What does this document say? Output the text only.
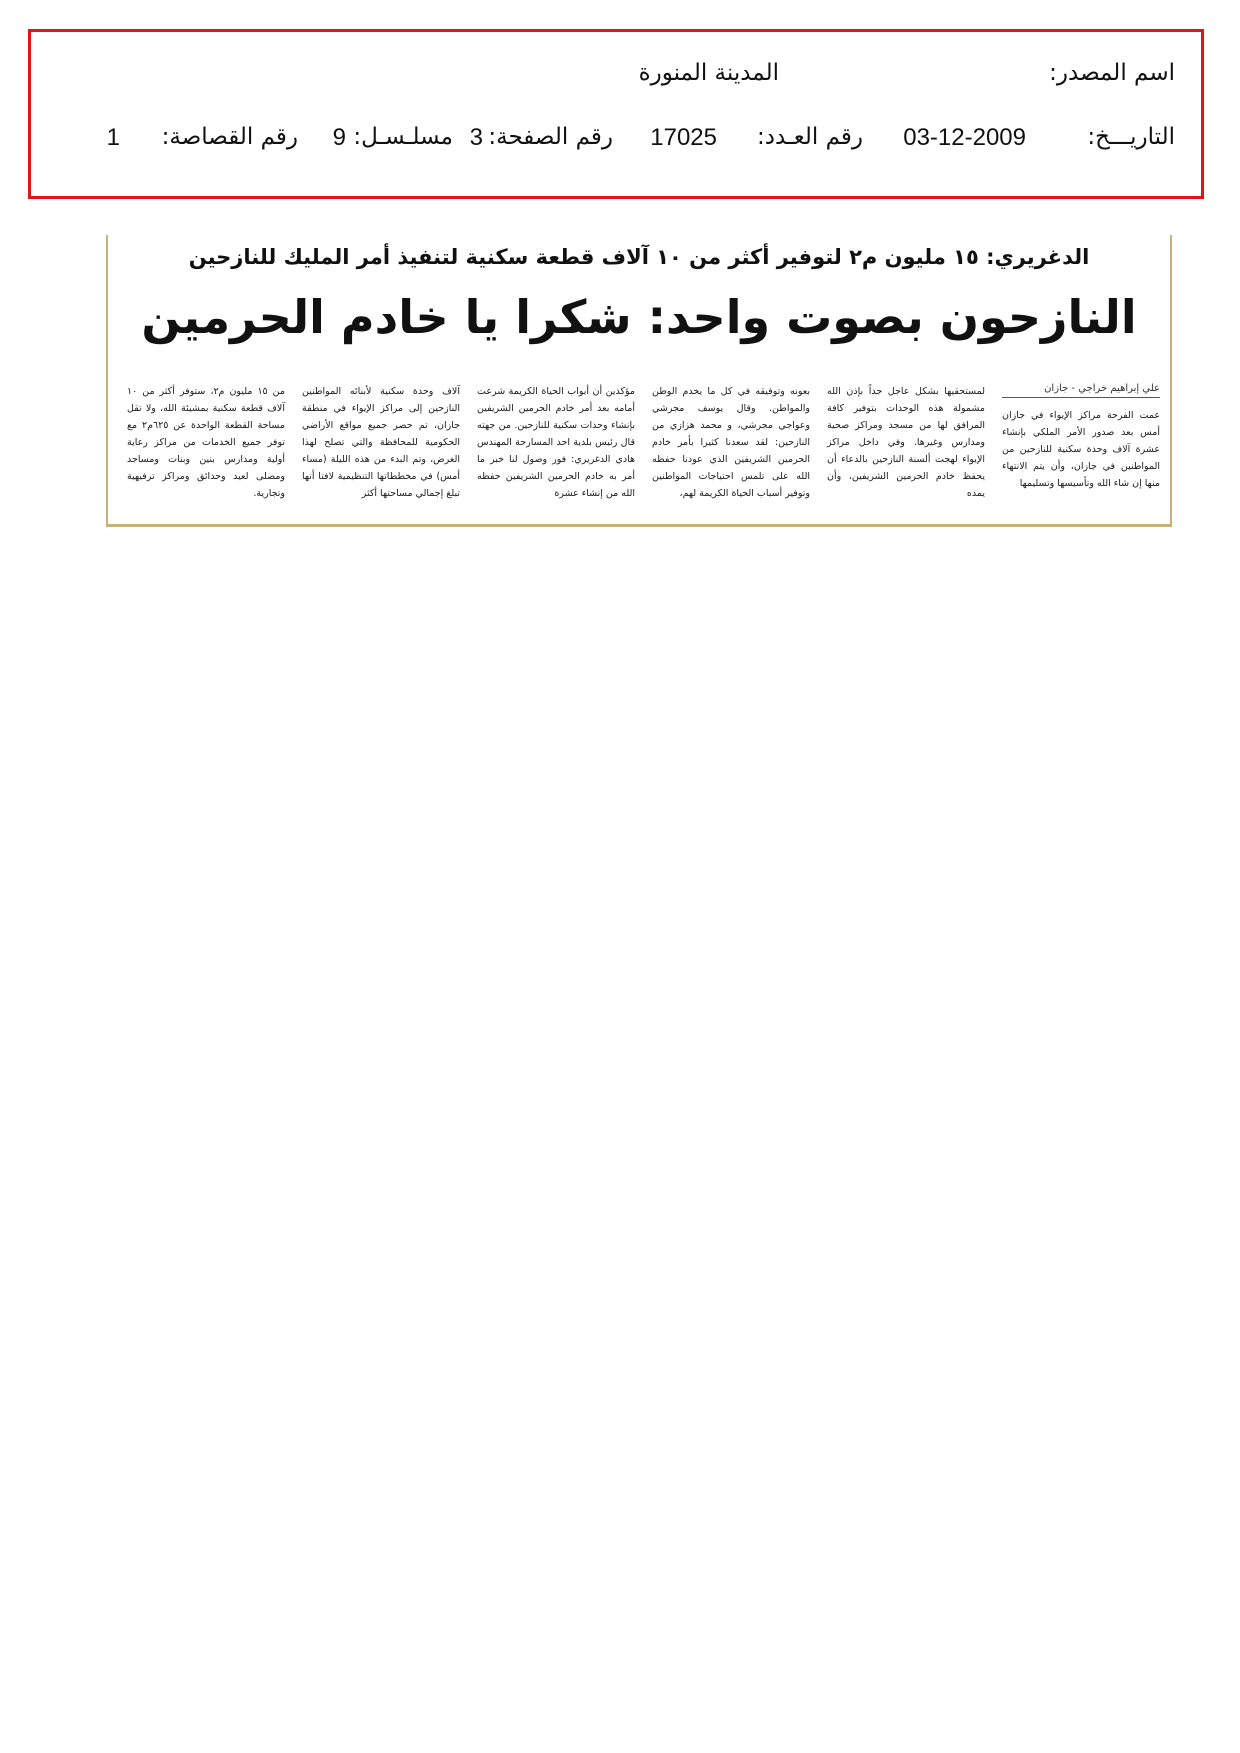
اسم المصدر:
المدينة المنورة
التاريـــخ:
03-12-2009
رقم العـدد:
17025
رقم الصفحة:
3
مسلـسـل:
9
رقم القصاصة:
1
الدغريري: ١٥ مليون م٢ لتوفير أكثر من ١٠ آلاف قطعة سكنية لتنفيذ أمر المليك للنازحين
النازحون بصوت واحد: شكرا يا خادم الحرمين
علي إبراهيم خراجي - جازان
عمت الفرحة مراكز الإيواء في جازان أمس بعد صدور الأمر الملكي بإنشاء عشرة آلاف وحدة سكنية للنازحين من المواطنين في جازان، وأن يتم الانتهاء منها إن شاء الله وتأسيسها وتسليمها
لمستحقيها بشكل عاجل جداً بإذن الله مشمولة هذه الوحدات بتوفير كافة المرافق لها من مسجد ومراكز صحية ومدارس وغيرها. وفي داخل مراكز الإيواء لهجت ألسنة النازحين بالدعاء أن يحفظ خادم الحرمين الشريفين، وأن يمده
بعونه وتوفيقه في كل ما يخدم الوطن والمواطن. وقال يوسف مجرشي وعواجي مجرشي، و محمد هزازي من النازحين: لقد سعدنا كثيرا بأمر خادم الحرمين الشريفين الذي عودنا حفظه الله على تلمس احتياجات المواطنين وتوفير أسباب الحياة الكريمة لهم،
مؤكدين أن أبواب الحياة الكريمة شرعت أمامه بعد أمر خادم الحرمين الشريفين بإنشاء وحدات سكنية للنازحين. من جهته قال رئيس بلدية احد المسارحة المهندس هادي الدغريري: فور وصول لنا خبر ما أمر به خادم الحرمين الشريفين حفظه الله من إنشاء عشرة
آلاف وحدة سكنية لأبنائه المواطنين النازحين إلى مراكز الإيواء في منطقة جازان، تم حصر جميع مواقع الأراضي الحكومية للمحافظة والتي تصلح لهذا الغرض، وتم البدء من هذه الليلة (مساء أمس) في مخططاتها التنظيمية لافتا أنها تبلغ إجمالي مساحتها أكثر
من ١٥ مليون م٢، ستوفر أكثر من ١٠ آلاف قطعة سكنية بمشيئة الله، ولا تقل مساحة القطعة الواحدة عن ٦٢٥م٢ مع توفر جميع الخدمات من مراكز رعاية أولية ومدارس بنين وبنات ومساجد ومصلى لعيد وحدائق ومراكز ترفيهية وتجارية.
